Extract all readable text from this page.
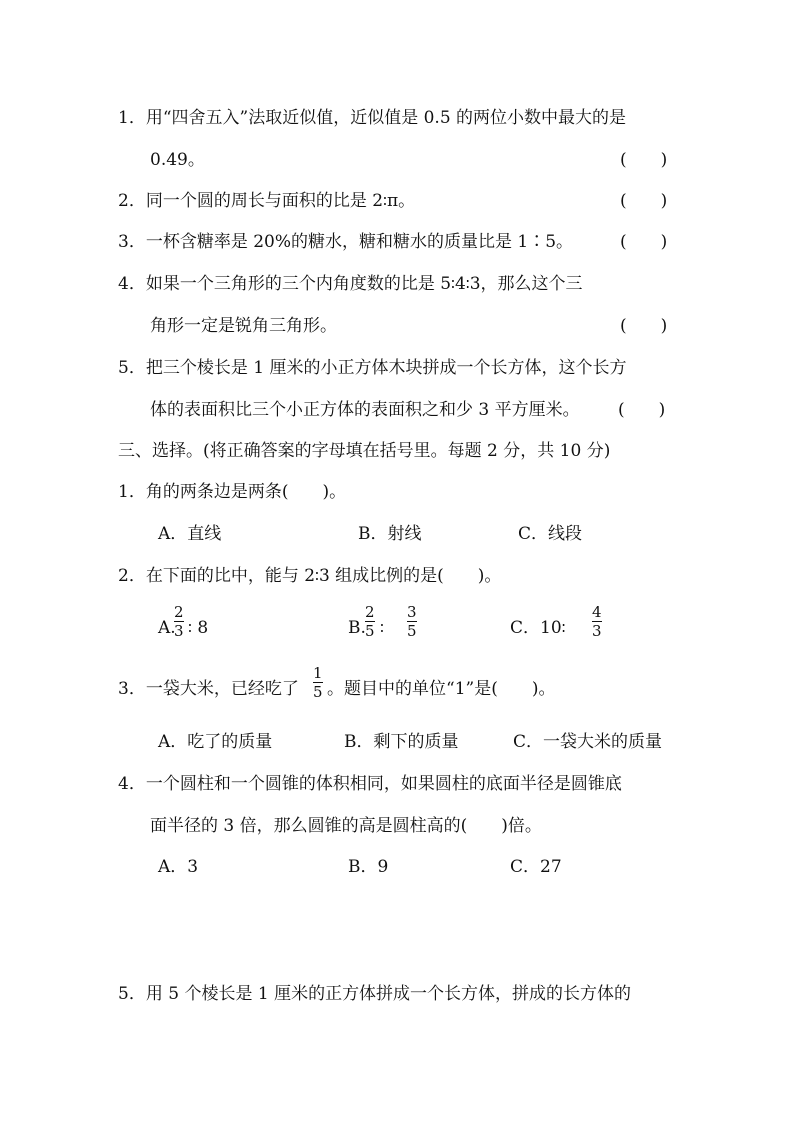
1．用“四舍五入”法取近似值，近似值是 0.5 的两位小数中最大的是
0.49。	(　　)
2．同一个圆的周长与面积的比是 2∶π。	(　　)
3．一杯含糖率是 20%的糖水，糖和糖水的质量比是 1∶5。	(　　)
4．如果一个三角形的三个内角度数的比是 5∶4∶3，那么这个三
角形一定是锐角三角形。	(　　)
5．把三个棱长是 1 厘米的小正方体木块拼成一个长方体，这个长方
体的表面积比三个小正方体的表面积之和少 3 平方厘米。 (　　)
三、选择。(将正确答案的字母填在括号里。每题 2 分，共 10 分)
1．角的两条边是两条(　　)。
A．直线	B．射线	C．线段
2．在下面的比中，能与 2∶3 组成比例的是(　　)。
A.
2
3 ∶ 8	B.
2
5 ∶
3
5	C．10∶
4
3
3．一袋大米，已经吃了
1
5 。题目中的单位“1”是(　　)。
A．吃了的质量	B．剩下的质量	C．一袋大米的质量
4．一个圆柱和一个圆锥的体积相同，如果圆柱的底面半径是圆锥底
面半径的 3 倍，那么圆锥的高是圆柱高的(　　)倍。
A．3	B．9	C．27
5．用 5 个棱长是 1 厘米的正方体拼成一个长方体，拼成的长方体的
